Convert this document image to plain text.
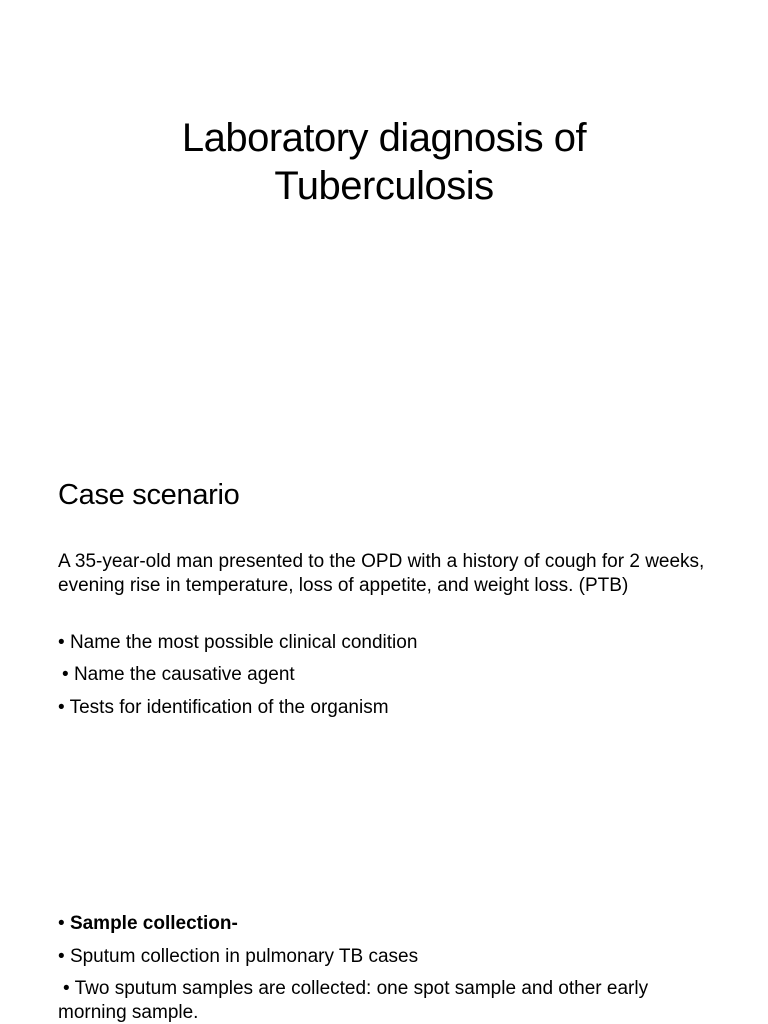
Laboratory diagnosis of
Tuberculosis
Case scenario

A 35-year-old man presented to the OPD with a history of cough for 2 weeks, evening rise in temperature, loss of appetite, and weight loss. (PTB)

• Name the most possible clinical condition

• Name the causative agent

• Tests for identification of the organism

• Sample collection-

• Sputum collection in pulmonary TB cases

• Two sputum samples are collected: one spot sample and other early morning sample.
